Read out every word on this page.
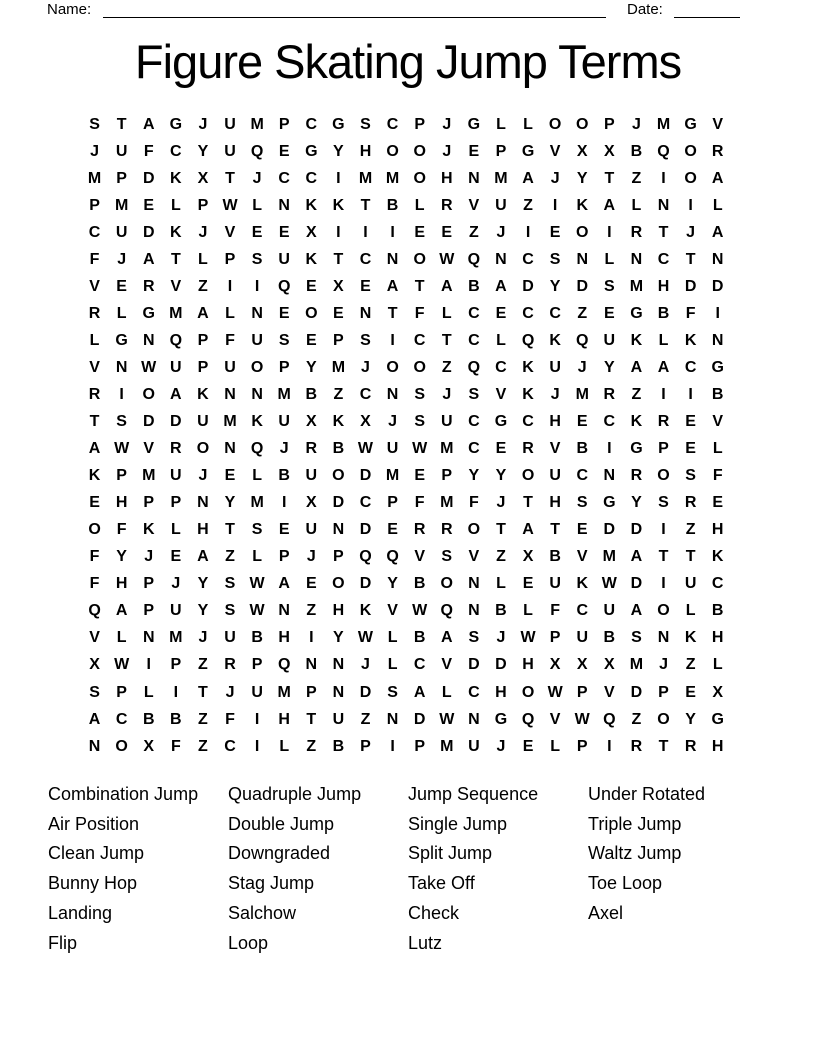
Name:	Date:
Figure Skating Jump Terms
S	T	A G	J	U M P C G S C P	J	G L	L O O P	J M G V
J	U	F	C Y U Q E G Y H O O	J	E	P G V	X	X B Q O R
M P D K X	T	J	C C	I	M M O H N M A	J	Y	T	Z	I	O A
P M E	L	P W L	N K K	T	B	L	R V U	Z	I	K A	L	N	I	L
C U D K	J	V	E	E	X	I	I	I	E	E	Z	J	I	E O	I	R	T	J	A
F	J	A	T	L	P	S U K	T	C N O W Q N C S N	L	N C	T	N
V	E R V	Z	I	I	Q E	X	E A	T	A B A D Y D S M H D D
R	L G M A	L	N E O E N	T	F	L	C E C C	Z	E G B	F	I
L G N Q P	F	U S	E	P	S	I	C	T	C	L Q K Q U K	L	K N
V N W U P U O P	Y M J	O O Z Q C K U	J	Y A A C G
R	I	O A K N N M B	Z	C N S	J	S	V K	J M R	Z	I	I	B
T	S D D U M K U X K X	J	S U C G C H E C K R E	V
A W V R O N Q	J	R B W U W M C E R V B	I	G P	E	L
K P M U	J	E	L	B U O D M E	P	Y	Y O U C N R O S	F
E H P	P N Y M	I	X D C P	F M F	J	T	H S G Y	S R E
O F	K	L	H	T	S	E U N D E R R O T	A	T	E D D	I	Z	H
F	Y	J	E A	Z	L	P	J	P Q Q V	S	V	Z	X B V M A	T	T	K
F	H P	J	Y	S W A E O D Y B O N	L	E U K W D	I	U C
Q A P U Y	S W N	Z	H K V W Q N B	L	F	C U A O L	B
V	L	N M J	U B H	I	Y W L	B A S	J W P U B S N K H
X W	I	P	Z	R P Q N N	J	L	C V D D H X	X	X M J	Z	L
S	P	L	I	T	J	U M P N D S A	L	C H O W P	V D P	E	X
A C B B	Z	F	I	H	T	U	Z	N D W N G Q V W Q Z O Y G
N O X	F	Z	C	I	L	Z	B P	I	P M U	J	E	L	P	I	R	T	R H
Combination Jump
Air Position
Clean Jump
Bunny Hop
Landing
Flip
Quadruple Jump
Double Jump
Downgraded
Stag Jump
Salchow
Loop
Jump Sequence
Single Jump
Split Jump
Take Off
Check
Lutz
Under Rotated
Triple Jump
Waltz Jump
Toe Loop
Axel
